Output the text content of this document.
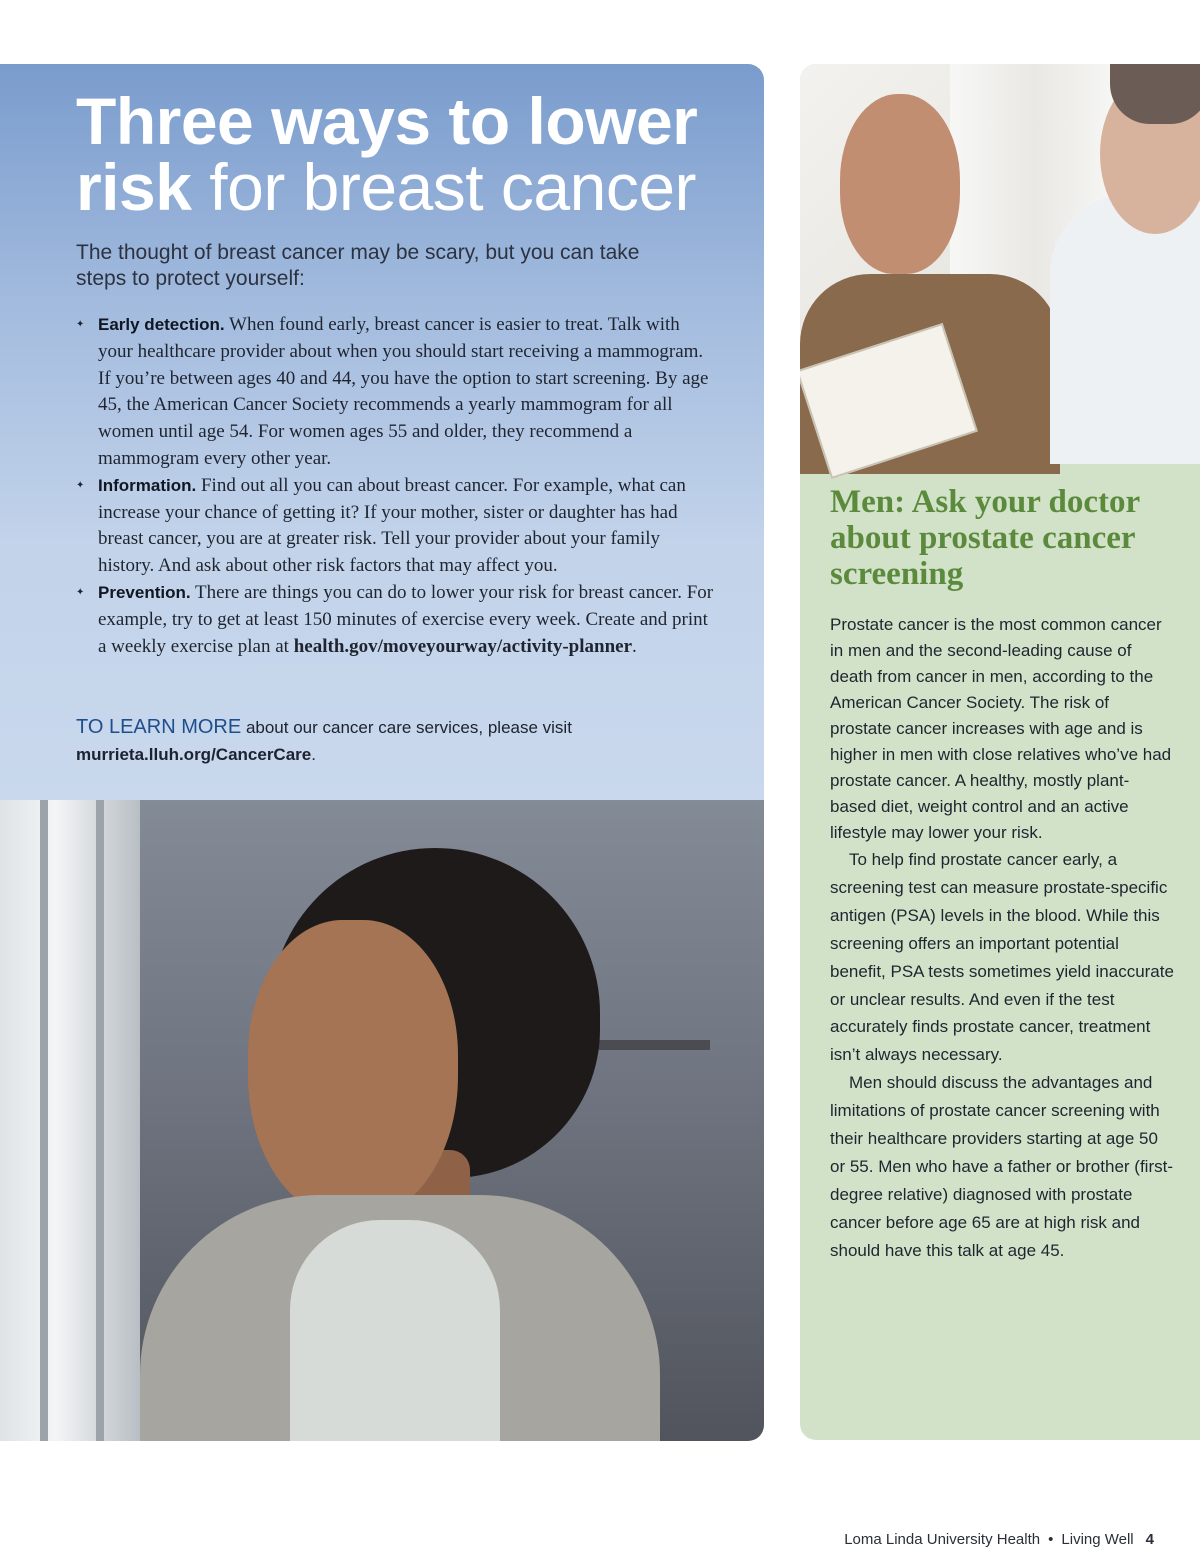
Three ways to lower
risk for breast cancer

The thought of breast cancer may be scary, but you can take steps to protect yourself:

✦ Early detection. When found early, breast cancer is easier to treat. Talk with your healthcare provider about when you should start receiving a mammogram. If you’re between ages 40 and 44, you have the option to start screening. By age 45, the American Cancer Society recommends a yearly mammogram for all women until age 54. For women ages 55 and older, they recommend a mammogram every other year.
✦ Information. Find out all you can about breast cancer. For example, what can increase your chance of getting it? If your mother, sister or daughter has had breast cancer, you are at greater risk. Tell your provider about your family history. And ask about other risk factors that may affect you.
✦ Prevention. There are things you can do to lower your risk for breast cancer. For example, try to get at least 150 minutes of exercise every week. Create and print a weekly exercise plan at health.gov/moveyourway/activity-planner.

TO LEARN MORE about our cancer care services, please visit
murrieta.lluh.org/CancerCare.

Men: Ask your doctor about prostate cancer screening

Prostate cancer is the most common cancer in men and the second-leading cause of death from cancer in men, according to the American Cancer Society. The risk of prostate cancer increases with age and is higher in men with close relatives who’ve had prostate cancer. A healthy, mostly plant-based diet, weight control and an active lifestyle may lower your risk.

To help find prostate cancer early, a screening test can measure prostate-specific antigen (PSA) levels in the blood. While this screening offers an important potential benefit, PSA tests sometimes yield inaccurate or unclear results. And even if the test accurately finds prostate cancer, treatment isn’t always necessary.

Men should discuss the advantages and limitations of prostate cancer screening with their healthcare providers starting at age 50 or 55. Men who have a father or brother (first-degree relative) diagnosed with prostate cancer before age 65 are at high risk and should have this talk at age 45.

Loma Linda University Health • Living Well 4
